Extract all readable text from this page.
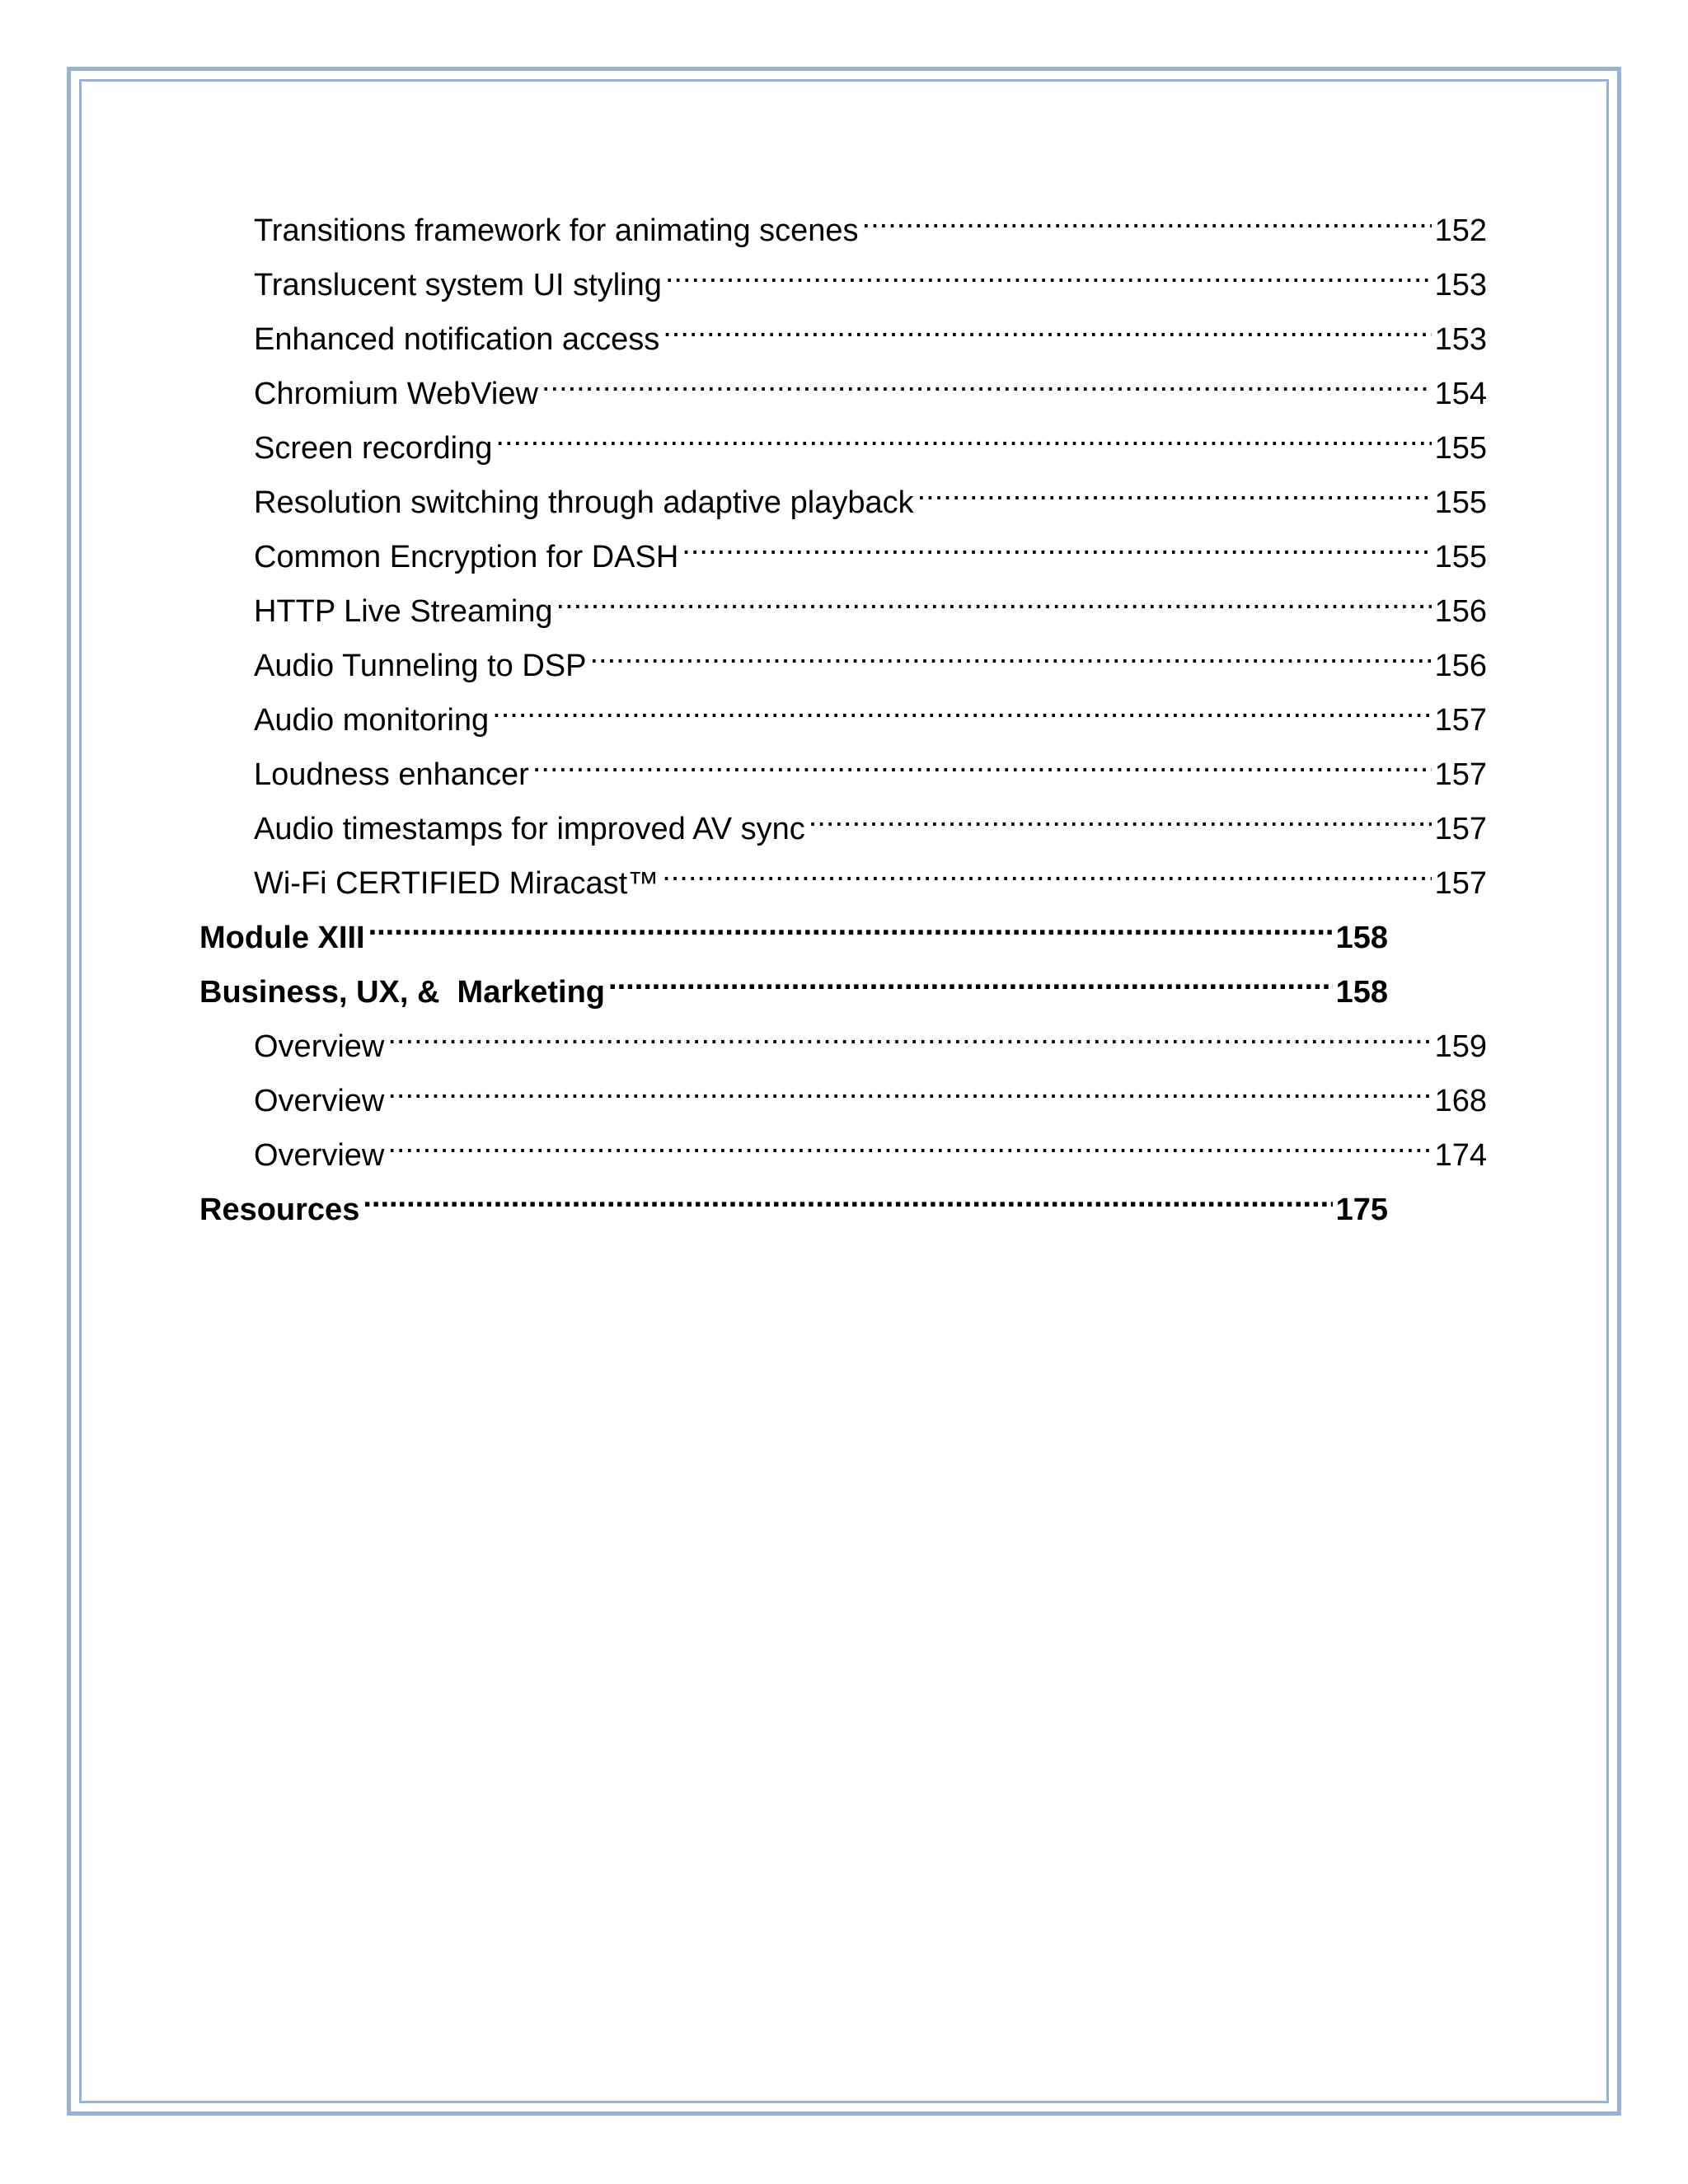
Transitions framework for animating scenes .....	152
Translucent system UI styling .....	153
Enhanced notification access .....	153
Chromium WebView .....	154
Screen recording .....	155
Resolution switching through adaptive playback .....	155
Common Encryption for DASH .....	155
HTTP Live Streaming .....	156
Audio Tunneling to DSP .....	156
Audio monitoring .....	157
Loudness enhancer .....	157
Audio timestamps for improved AV sync .....	157
Wi-Fi CERTIFIED Miracast™ .....	157
Module XIII .....	158
Business, UX, &  Marketing .....	158
Overview .....	159
Overview .....	168
Overview .....	174
Resources .....	175
